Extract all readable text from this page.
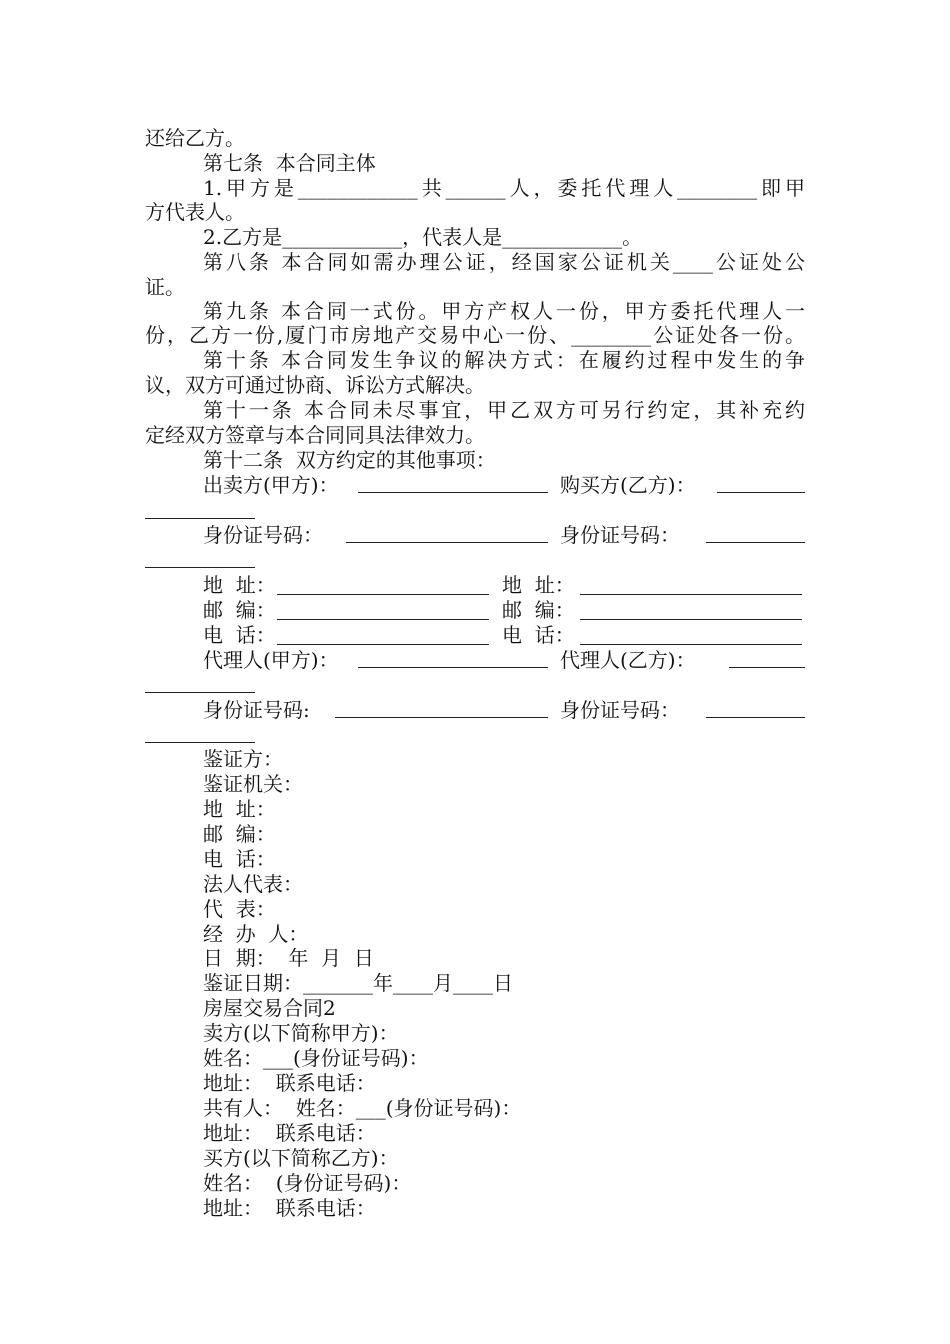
还给乙方。
第七条  本合同主体
1.甲方是____________共______人，委托代理人________即甲
方代表人。
2.乙方是____________，代表人是____________。
第八条 本合同如需办理公证，经国家公证机关____公证处公
证。
第九条 本合同一式份。甲方产权人一份，甲方委托代理人一
份，乙方一份,厦门市房地产交易中心一份、________公证处各一份。
第十条 本合同发生争议的解决方式：在履约过程中发生的争
议，双方可通过协商、诉讼方式解决。
第十一条 本合同未尽事宜，甲乙双方可另行约定，其补充约
定经双方签章与本合同同具法律效力。
第十二条  双方约定的其他事项：
出卖方(甲方)：	购买方(乙方)：
身份证号码：	身份证号码：
地  址：	地  址：
邮  编：	邮  编：
电  话：	电  话：
代理人(甲方)：	代理人(乙方)：
身份证号码:	身份证号码：
鉴证方：
鉴证机关：
地  址：
邮  编：
电  话：
法人代表：
代  表：
经  办  人：
日  期：  年  月  日
鉴证日期：_______年____月____日
房屋交易合同2
卖方(以下简称甲方)：
姓名：___(身份证号码)：
地址：  联系电话：
共有人：  姓名：___(身份证号码)：
地址：  联系电话：
买方(以下简称乙方)：
姓名：  (身份证号码)：
地址：  联系电话：
